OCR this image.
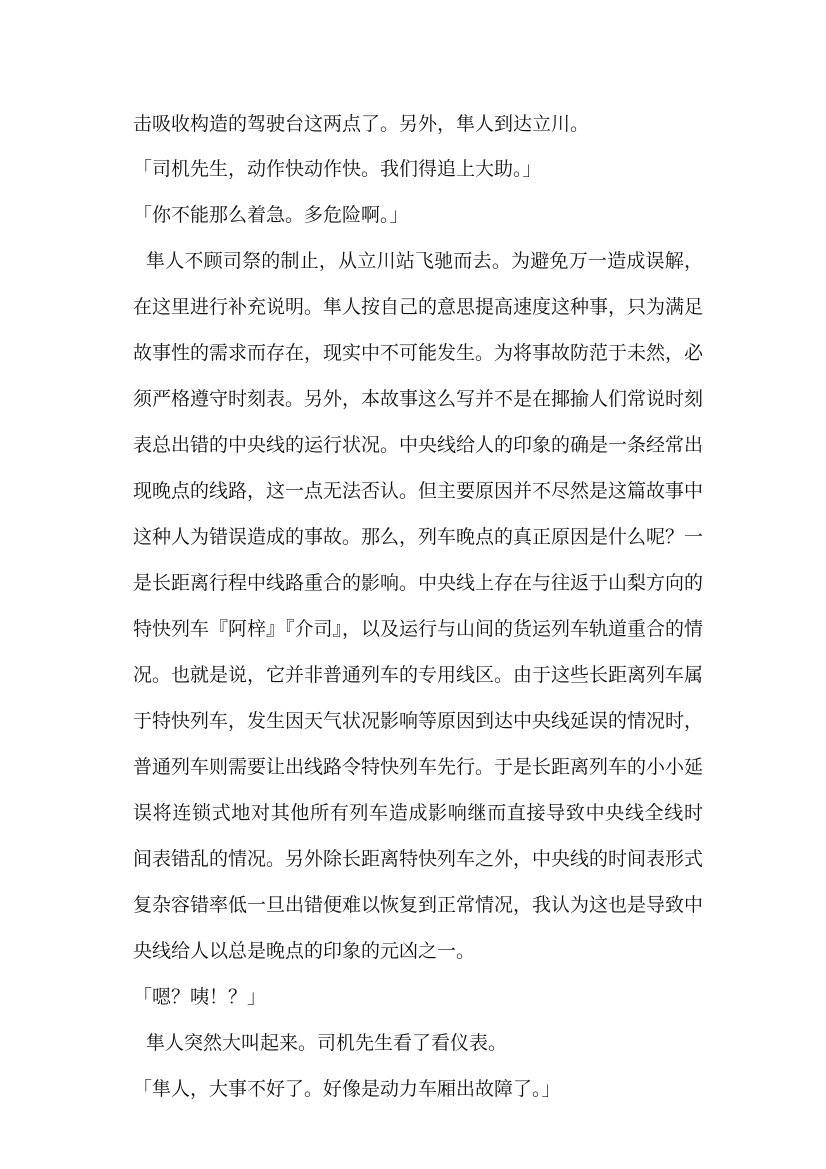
击吸收构造的驾驶台这两点了。另外，隼人到达立川。

「司机先生，动作快动作快。我们得追上大助。」

「你不能那么着急。多危险啊。」

隼人不顾司祭的制止，从立川站飞驰而去。为避免万一造成误解，

在这里进行补充说明。隼人按自己的意思提高速度这种事，只为满足

故事性的需求而存在，现实中不可能发生。为将事故防范于未然，必

须严格遵守时刻表。另外，本故事这么写并不是在揶揄人们常说时刻

表总出错的中央线的运行状况。中央线给人的印象的确是一条经常出

现晚点的线路，这一点无法否认。但主要原因并不尽然是这篇故事中

这种人为错误造成的事故。那么，列车晚点的真正原因是什么呢？一

是长距离行程中线路重合的影响。中央线上存在与往返于山梨方向的

特快列车『阿梓』『介司』，以及运行与山间的货运列车轨道重合的情

况。也就是说，它并非普通列车的专用线区。由于这些长距离列车属

于特快列车，发生因天气状况影响等原因到达中央线延误的情况时，

普通列车则需要让出线路令特快列车先行。于是长距离列车的小小延

误将连锁式地对其他所有列车造成影响继而直接导致中央线全线时

间表错乱的情况。另外除长距离特快列车之外，中央线的时间表形式

复杂容错率低一旦出错便难以恢复到正常情况，我认为这也是导致中

央线给人以总是晚点的印象的元凶之一。

「嗯？咦！？」

隼人突然大叫起来。司机先生看了看仪表。

「隼人，大事不好了。好像是动力车厢出故障了。」
